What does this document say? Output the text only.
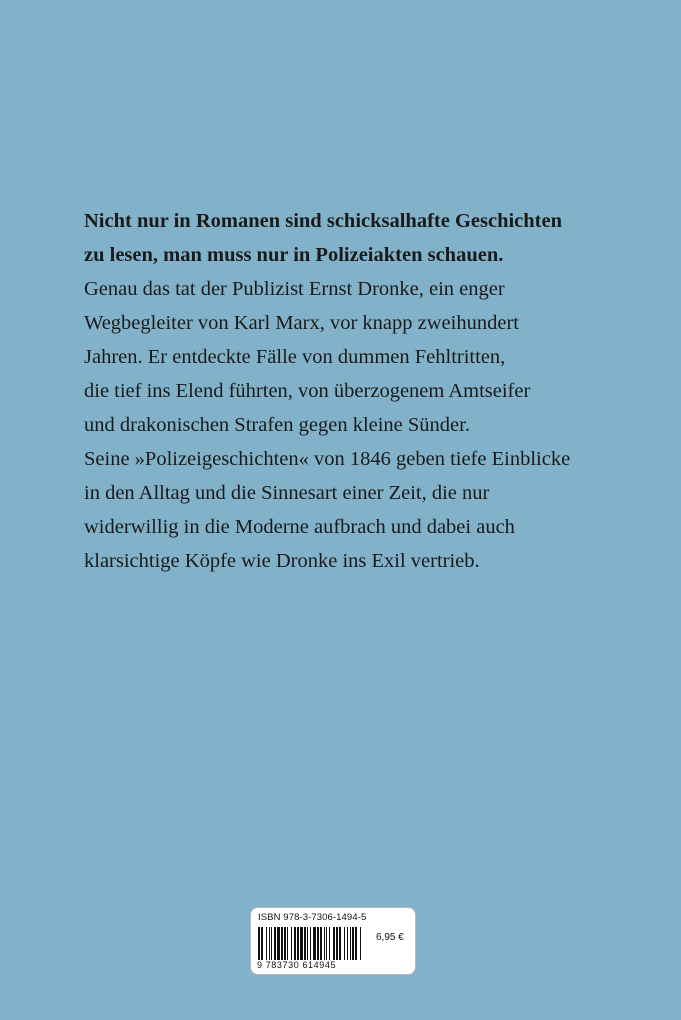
Nicht nur in Romanen sind schicksalhafte Geschichten
zu lesen, man muss nur in Polizeiakten schauen.
Genau das tat der Publizist Ernst Dronke, ein enger
Wegbegleiter von Karl Marx, vor knapp zweihundert
Jahren. Er entdeckte Fälle von dummen Fehltritten,
die tief ins Elend führten, von überzogenem Amtseifer
und drakonischen Strafen gegen kleine Sünder.
Seine »Polizeigeschichten« von 1846 geben tiefe Einblicke
in den Alltag und die Sinnesart einer Zeit, die nur
widerwillig in die Moderne aufbrach und dabei auch
klarsichtige Köpfe wie Dronke ins Exil vertrieb.
ISBN 978-3-7306-1494-5
9 783730 614945
6,95 €
